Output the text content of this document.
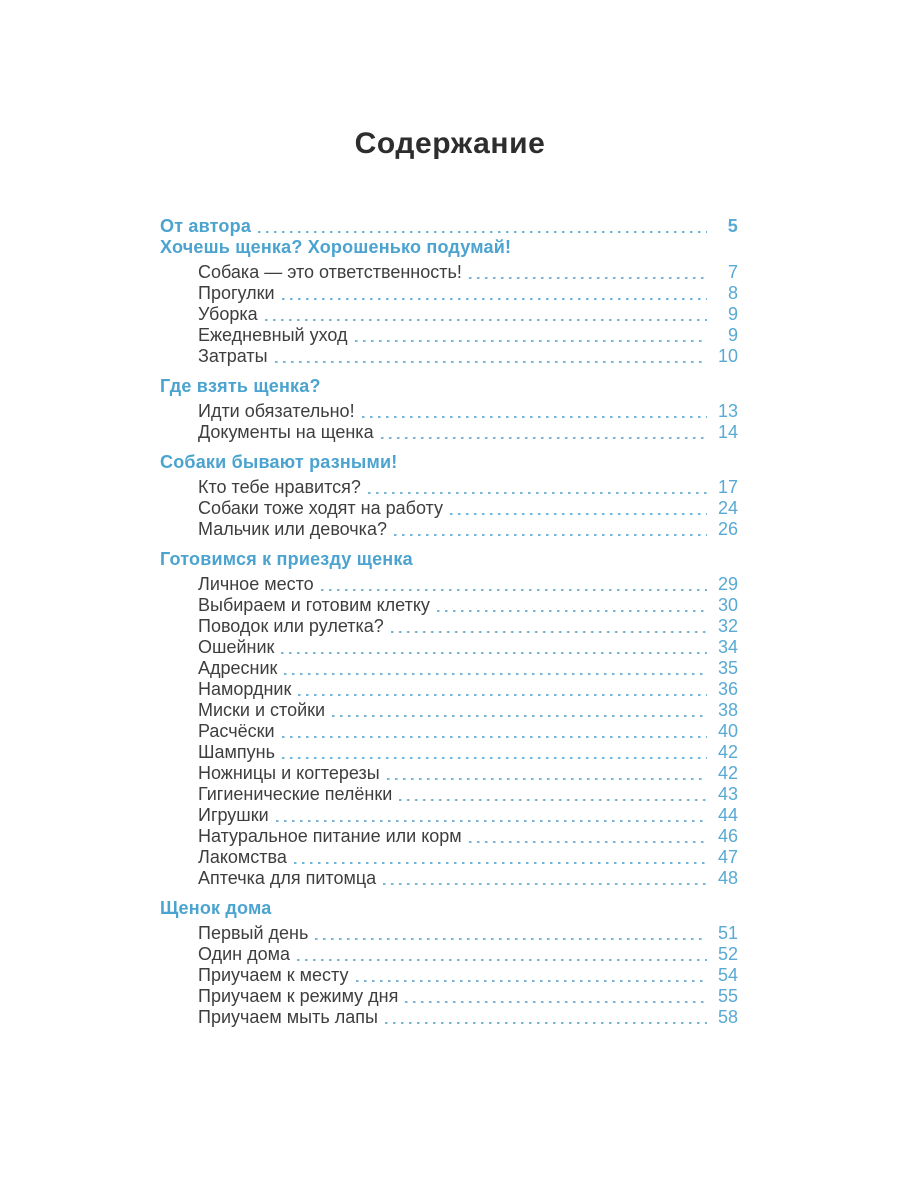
Содержание
От автора	5
Хочешь щенка? Хорошенько подумай!
Собака — это ответственность!	7
Прогулки	8
Уборка	9
Ежедневный уход	9
Затраты	10
Где взять щенка?
Идти обязательно!	13
Документы на щенка	14
Собаки бывают разными!
Кто тебе нравится?	17
Собаки тоже ходят на работу	24
Мальчик или девочка?	26
Готовимся к приезду щенка
Личное место	29
Выбираем и готовим клетку	30
Поводок или рулетка?	32
Ошейник	34
Адресник	35
Намордник	36
Миски и стойки	38
Расчёски	40
Шампунь	42
Ножницы и когтерезы	42
Гигиенические пелёнки	43
Игрушки	44
Натуральное питание или корм	46
Лакомства	47
Аптечка для питомца	48
Щенок дома
Первый день	51
Один дома	52
Приучаем к месту	54
Приучаем к режиму дня	55
Приучаем мыть лапы	58
